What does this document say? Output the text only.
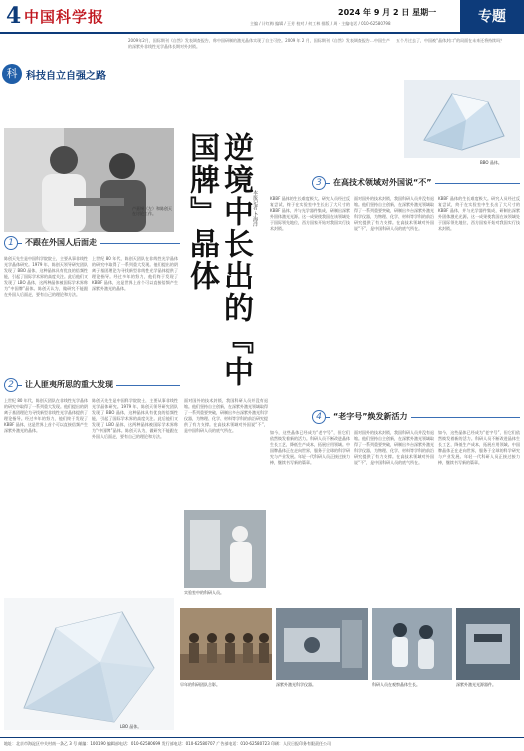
4 中国科学报	2024 年 9 月 2 日 星期一
主编 / 计红梅 编辑 / 王芳 校对 / 何工林 排版 / 周 · 主编电话 / 010-62580798	专题
2009年2月，国际期刊《自然》发表调查报告，称中国研制的激光晶体实现了自主可控。2009 年 2 月，国际期刊《自然》发表调查报告…中国生产的深紫外非线性光学晶体长期对外封锁。
五个月过去了，中国被“晶体封口”的局面在未来还将持续吗？
科 科技自立自强之路
卢嘉锡（左）和陈创天在讨论工作。	逆境中长出的『中国牌』晶体	本报记者 卜海洋
BBO 晶体。
1	不跟在外国人后面走
陈创天先生是中国科学院院士，主要从事非线性光学晶体研究。1979 年，陈创天领导研究团队发现了 BBO 晶体，这种晶体具有优良的倍频性能，引起了国际学术界的高度关注。此后他们又发现了 LBO 晶体，这两种晶体被国际学术界称为“中国牌”晶体。陈创天认为，做研究不能跟在外国人后面走，要有自己的理论和方法。
上世纪 80 年代，陈创天团队在非线性光学晶体的研究中取得了一系列重大发现。他们提出的阴离子基团理论为寻找新型非线性光学晶体提供了理论指导。经过多年的努力，他们终于发现了 KBBF 晶体，这是世界上首个可以直接倍频产生深紫外激光的晶体。
3	在高技术领域对外国说“不”
KBBF 晶体的生长难度极大。研究人员经过反复尝试，终于在实验室中生长出了大尺寸的 KBBF 晶体，并与光学器件集成，研制出深紫外固体激光光源。这一成果使我国在该领域处于国际领先地位，西方国家开始对我国实行技术封锁。
面对国外的技术封锁，我国科研人员并没有退缩。他们坚持自主创新，在深紫外激光领域取得了一系列重要突破，研制出多台深紫外激光科学仪器，为物理、化学、材料等学科的前沿研究提供了有力支撑。在高技术领域对外国说“不”，是中国科研人员的底气所在。
KBBF 晶体的生长难度极大。研究人员经过反复尝试，终于在实验室中生长出了大尺寸的 KBBF 晶体，并与光学器件集成，研制出深紫外固体激光光源。这一成果使我国在该领域处于国际领先地位，西方国家开始对我国实行技术封锁。
2	让人匪夷所思的重大发现
上世纪 80 年代，陈创天团队在非线性光学晶体的研究中取得了一系列重大发现。他们提出的阴离子基团理论为寻找新型非线性光学晶体提供了理论指导。经过多年的努力，他们终于发现了 KBBF 晶体，这是世界上首个可以直接倍频产生深紫外激光的晶体。
陈创天先生是中国科学院院士，主要从事非线性光学晶体研究。1979 年，陈创天领导研究团队发现了 BBO 晶体，这种晶体具有优良的倍频性能，引起了国际学术界的高度关注。此后他们又发现了 LBO 晶体，这两种晶体被国际学术界称为“中国牌”晶体。陈创天认为，做研究不能跟在外国人后面走，要有自己的理论和方法。
面对国外的技术封锁，我国科研人员并没有退缩。他们坚持自主创新，在深紫外激光领域取得了一系列重要突破，研制出多台深紫外激光科学仪器，为物理、化学、材料等学科的前沿研究提供了有力支撑。在高技术领域对外国说“不”，是中国科研人员的底气所在。
4	“老字号”焕发新活力
如今，这些晶体已经成为“老字号”，但它们依然焕发着新的活力。科研人员不断改进晶体生长工艺，降低生产成本，拓展应用领域。中国牌晶体正在走向世界，服务于全球的科学研究与产业发展。年轻一代科研人员正接过接力棒，继续书写新的篇章。
面对国外的技术封锁，我国科研人员并没有退缩。他们坚持自主创新，在深紫外激光领域取得了一系列重要突破，研制出多台深紫外激光科学仪器，为物理、化学、材料等学科的前沿研究提供了有力支撑。在高技术领域对外国说“不”，是中国科研人员的底气所在。
如今，这些晶体已经成为“老字号”，但它们依然焕发着新的活力。科研人员不断改进晶体生长工艺，降低生产成本，拓展应用领域。中国牌晶体正在走向世界，服务于全球的科学研究与产业发展。年轻一代科研人员正接过接力棒，继续书写新的篇章。
实验室中的科研人员。
LBO 晶体。
早年的科研团队合影。	深紫外激光科学仪器。	科研人员在观察晶体生长。	深紫外激光光源器件。
地址：北京市海淀区中关村南一条乙 3 号 邮编：100190 编辑部电话：010-62580699 发行部电话：010-62580707 广告部电话：010-62580723 印刷：人民日报印务有限责任公司
